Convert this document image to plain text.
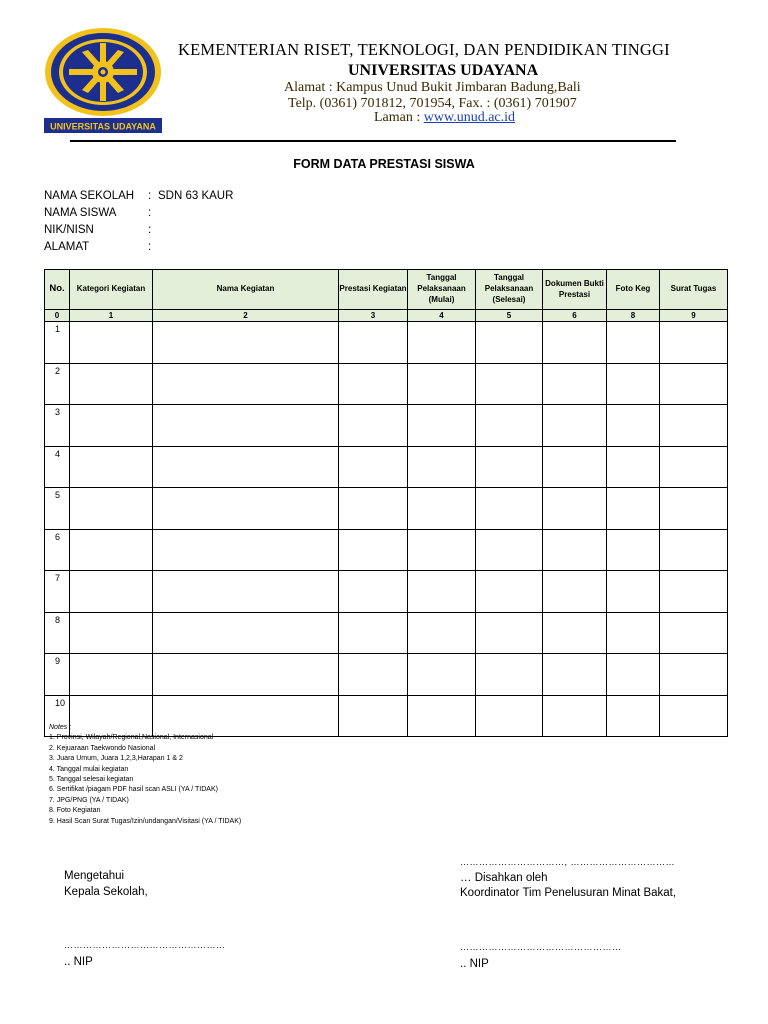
UNIVERSITAS UDAYANA
KEMENTERIAN RISET, TEKNOLOGI, DAN PENDIDIKAN TINGGI
UNIVERSITAS UDAYANA
Alamat : Kampus Unud Bukit Jimbaran Badung,Bali
Telp. (0361) 701812, 701954, Fax. : (0361) 701907
Laman : www.unud.ac.id
FORM DATA PRESTASI SISWA
NAMA SEKOLAH : SDN 63 KAUR
NAMA SISWA	:
NIK/NISN	:
ALAMAT	:
No.	Kategori Kegiatan	Nama Kegiatan	Prestasi Kegiatan	Tanggal Pelaksanaan (Mulai)	Tanggal Pelaksanaan (Selesai)	Dokumen Bukti Prestasi	Foto Keg	Surat Tugas
0	1	2	3	4	5	6	8	9
1								
2								
3								
4								
5								
6								
7								
8								
9								
10								
Notes :
1. Provinsi, Wilayah/Regional,Nasional, Internasional
2. Kejuaraan Taekwondo Nasional
3. Juara Umum, Juara 1,2,3,Harapan 1 & 2
4. Tanggal mulai kegiatan
5. Tanggal selesai kegiatan
6. Sertifikat /piagam PDF hasil scan ASLI (YA / TIDAK)
7. JPG/PNG (YA / TIDAK)
8. Foto Kegiatan
9. Hasil Scan Surat Tugas/Izin/undangan/Visitasi (YA / TIDAK)
Mengetahui
Kepala Sekolah,
……………………………………………
.. NIP
……………………………, ……………………………
… Disahkan oleh
Koordinator Tim Penelusuran Minat Bakat,
……………………………………………
.. NIP
